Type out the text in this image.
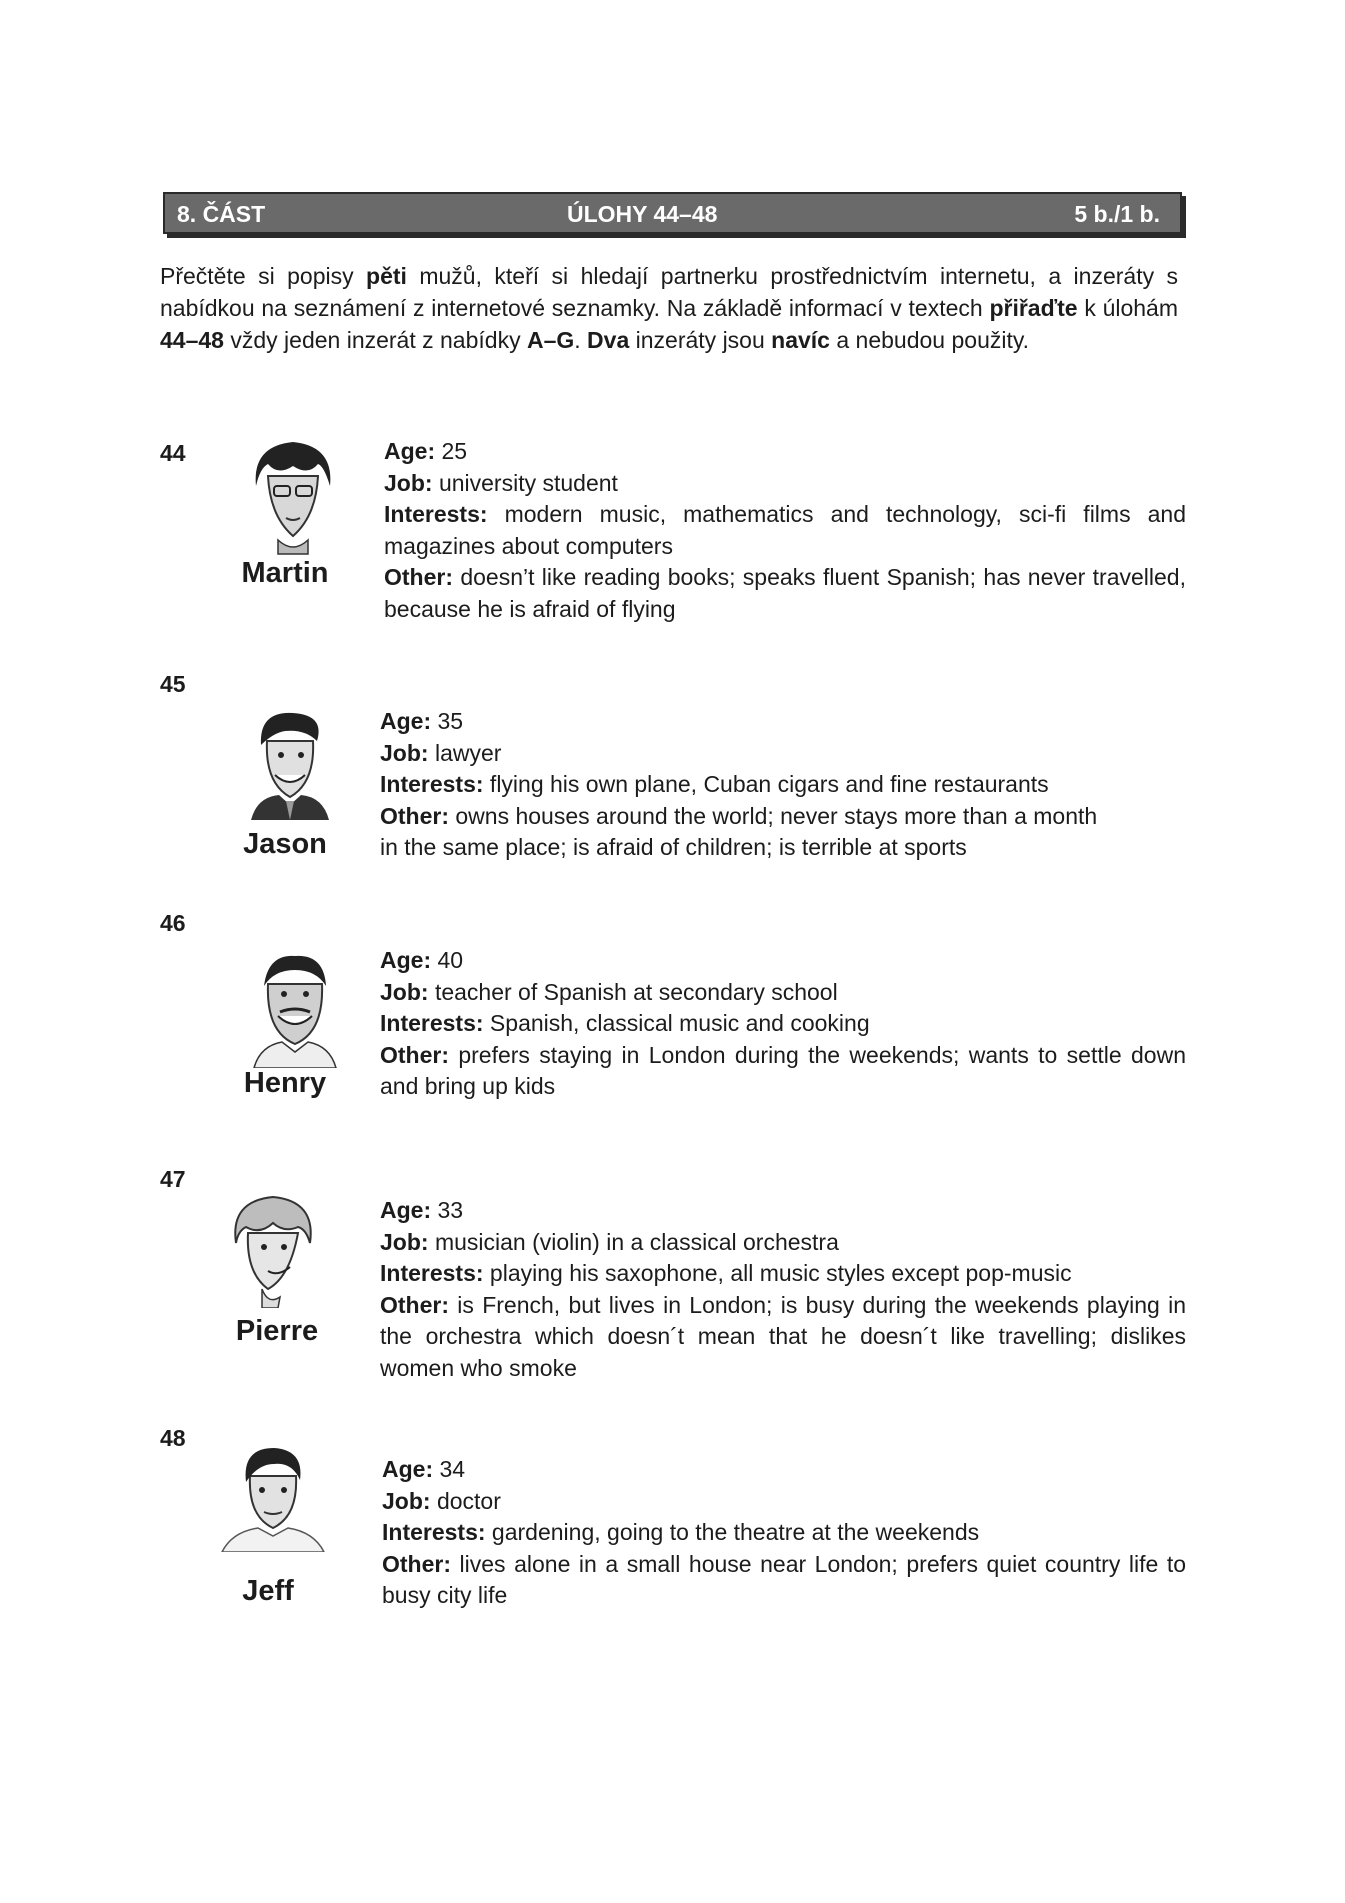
8. ČÁST	ÚLOHY 44–48	5 b./1 b.
Přečtěte si popisy pěti mužů, kteří si hledají partnerku prostřednictvím internetu, a inzeráty s nabídkou na seznámení z internetové seznamky. Na základě informací v textech přiřaďte k úlohám 44–48 vždy jeden inzerát z nabídky A–G. Dva inzeráty jsou navíc a nebudou použity.
44
Martin

Age: 25

Job: university student

Interests: modern music, mathematics and technology, sci-fi films and magazines about computers

Other: doesn’t like reading books; speaks fluent Spanish; has never travelled, because he is afraid of flying

45
Jason

Age: 35

Job: lawyer

Interests: flying his own plane, Cuban cigars and fine restaurants

Other: owns houses around the world; never stays more than a month in the same place; is afraid of children; is terrible at sports

46
Henry

Age: 40

Job: teacher of Spanish at secondary school

Interests: Spanish, classical music and cooking

Other: prefers staying in London during the weekends; wants to settle down and bring up kids

47
Pierre

Age: 33

Job: musician (violin) in a classical orchestra

Interests: playing his saxophone, all music styles except pop-music

Other: is French, but lives in London; is busy during the weekends playing in the orchestra which doesn´t mean that he doesn´t like travelling; dislikes women who smoke

48
Jeff

Age: 34

Job: doctor

Interests: gardening, going to the theatre at the weekends

Other: lives alone in a small house near London; prefers quiet country life to busy city life
